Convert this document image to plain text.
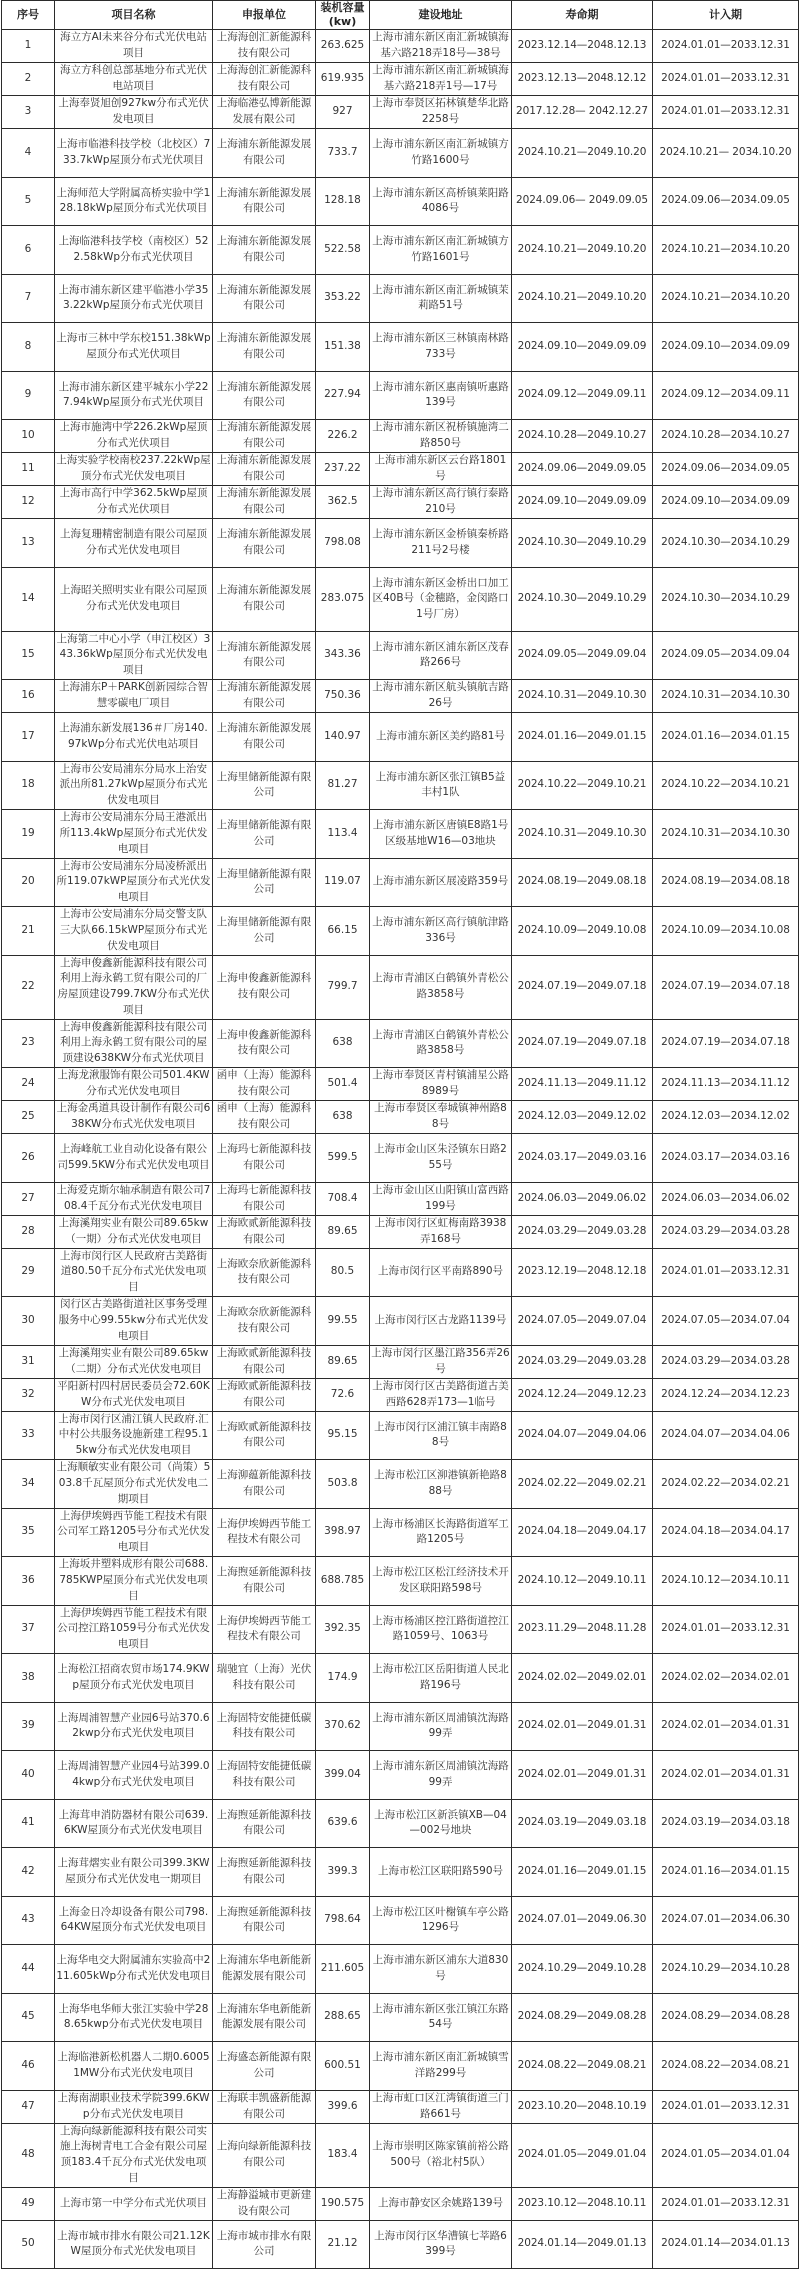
序号	项目名称	申报单位	装机容量(kw)	建设地址	寿命期	计入期
1	海立方AI未来谷分布式光伏电站项目	上海海创汇新能源科技有限公司	263.625	上海市浦东新区南汇新城镇海基六路218弄18号—38号	2023.12.14—2048.12.13	2024.01.01—2033.12.31
2	海立方科创总部基地分布式光伏电站项目	上海海创汇新能源科技有限公司	619.935	上海市浦东新区南汇新城镇海基六路218弄1号—17号	2023.12.13—2048.12.12	2024.01.01—2033.12.31
3	上海奉贤旭创927kw分布式光伏发电项目	上海临港弘博新能源发展有限公司	927	上海市奉贤区拓林镇楚华北路2258号	2017.12.28— 2042.12.27	2024.01.01—2033.12.31
4	上海市临港科技学校（北校区）733.7kWp屋顶分布式光伏项目	上海浦东新能源发展有限公司	733.7	上海市浦东新区南汇新城镇方竹路1600号	2024.10.21—2049.10.20	2024.10.21— 2034.10.20
5	上海师范大学附属高桥实验中学128.18kWp屋顶分布式光伏项目	上海浦东新能源发展有限公司	128.18	上海市浦东新区高桥镇莱阳路4086号	2024.09.06— 2049.09.05	2024.09.06—2034.09.05
6	上海临港科技学校（南校区）522.58kWp分布式光伏项目	上海浦东新能源发展有限公司	522.58	上海市浦东新区南汇新城镇方竹路1601号	2024.10.21—2049.10.20	2024.10.21—2034.10.20
7	上海市浦东新区建平临港小学353.22kWp屋顶分布式光伏项目	上海浦东新能源发展有限公司	353.22	上海市浦东新区南汇新城镇茉莉路51号	2024.10.21—2049.10.20	2024.10.21—2034.10.20
8	上海市三林中学东校151.38kWp屋顶分布式光伏项目	上海浦东新能源发展有限公司	151.38	上海市浦东新区三林镇南林路733号	2024.09.10—2049.09.09	2024.09.10—2034.09.09
9	上海市浦东新区建平城东小学227.94kWp屋顶分布式光伏项目	上海浦东新能源发展有限公司	227.94	上海市浦东新区惠南镇听惠路139号	2024.09.12—2049.09.11	2024.09.12—2034.09.11
10	上海市施湾中学226.2kWp屋顶分布式光伏项目	上海浦东新能源发展有限公司	226.2	上海市浦东新区祝桥镇施湾二路850号	2024.10.28—2049.10.27	2024.10.28—2034.10.27
11	上海实验学校南校237.22kWp屋顶分布式光伏发电项目	上海浦东新能源发展有限公司	237.22	上海市浦东新区云台路1801号	2024.09.06—2049.09.05	2024.09.06—2034.09.05
12	上海市高行中学362.5kWp屋顶分布式光伏项目	上海浦东新能源发展有限公司	362.5	上海市浦东新区高行镇行泰路210号	2024.09.10—2049.09.09	2024.09.10—2034.09.09
13	上海复珊精密制造有限公司屋顶分布式光伏发电项目	上海浦东新能源发展有限公司	798.08	上海市浦东新区金桥镇秦桥路211号2号楼	2024.10.30—2049.10.29	2024.10.30—2034.10.29
14	上海昭关照明实业有限公司屋顶分布式光伏发电项目	上海浦东新能源发展有限公司	283.075	上海市浦东新区金桥出口加工区40B号（金穗路，金闵路口1号厂房）	2024.10.30—2049.10.29	2024.10.30—2034.10.29
15	上海第二中心小学（申江校区）343.36kWp屋顶分布式光伏发电项目	上海浦东新能源发展有限公司	343.36	上海市浦东新区浦东新区茂春路266号	2024.09.05—2049.09.04	2024.09.05—2034.09.04
16	上海浦东P＋PARK创新园综合智慧零碳电厂项目	上海浦东新能源发展有限公司	750.36	上海市浦东新区航头镇航吉路26号	2024.10.31—2049.10.30	2024.10.31—2034.10.30
17	上海浦东新发展136＃厂房140.97kWp分布式光伏电站项目	上海浦东新能源发展有限公司	140.97	上海市浦东新区美约路81号	2024.01.16—2049.01.15	2024.01.16—2034.01.15
18	上海市公安局浦东分局水上治安派出所81.27kWp屋顶分布式光伏发电项目	上海里储新能源有限公司	81.27	上海市浦东新区张江镇B5益丰村1队	2024.10.22—2049.10.21	2024.10.22—2034.10.21
19	上海市公安局浦东分局王港派出所113.4kWp屋顶分布式光伏发电项目	上海里储新能源有限公司	113.4	上海市浦东新区唐镇E8路1号区级基地W16—03地块	2024.10.31—2049.10.30	2024.10.31—2034.10.30
20	上海市公安局浦东分局凌桥派出所119.07kWP屋顶分布式光伏发电项目	上海里储新能源有限公司	119.07	上海市浦东新区展凌路359号	2024.08.19—2049.08.18	2024.08.19—2034.08.18
21	上海市公安局浦东分局交警支队三大队66.15kWP屋顶分布式光伏发电项目	上海里储新能源有限公司	66.15	上海市浦东新区高行镇航津路336号	2024.10.09—2049.10.08	2024.10.09—2034.10.08
22	上海申俊鑫新能源科技有限公司利用上海永鹤工贸有限公司的厂房屋顶建设799.7KW分布式光伏项目	上海申俊鑫新能源科技有限公司	799.7	上海市青浦区白鹤镇外青松公路3858号	2024.07.19—2049.07.18	2024.07.19—2034.07.18
23	上海申俊鑫新能源科技有限公司利用上海永鹤工贸有限公司的屋顶建设638KW分布式光伏项目	上海申俊鑫新能源科技有限公司	638	上海市青浦区白鹤镇外青松公路3858号	2024.07.19—2049.07.18	2024.07.19—2034.07.18
24	上海龙湫服饰有限公司501.4KW分布式光伏发电项目	函申（上海）能源科技有限公司	501.4	上海市奉贤区青村镇浦星公路8989号	2024.11.13—2049.11.12	2024.11.13—2034.11.12
25	上海金禹道具设计制作有限公司638KW分布式光伏发电项目	函申（上海）能源科技有限公司	638	上海市奉贤区奉城镇神州路88号	2024.12.03—2049.12.02	2024.12.03—2034.12.02
26	上海峰航工业自动化设备有限公司599.5KW分布式光伏发电项目	上海玛七新能源科技有限公司	599.5	上海市金山区朱泾镇东日路255号	2024.03.17—2049.03.16	2024.03.17—2034.03.16
27	上海爱克斯尔轴承制造有限公司708.4千瓦分布式光伏发电项目	上海玛七新能源科技有限公司	708.4	上海市金山区山阳镇山富西路199号	2024.06.03—2049.06.02	2024.06.03—2034.06.02
28	上海溪翔实业有限公司89.65kw（一期）分布式光伏发电项目	上海欧贰新能源科技有限公司	89.65	上海市闵行区虹梅南路3938弄168号	2024.03.29—2049.03.28	2024.03.29—2034.03.28
29	上海市闵行区人民政府古美路街道80.50千瓦分布式光伏发电项目	上海欧奈欣新能源科技有限公司	80.5	上海市闵行区平南路890号	2023.12.19—2048.12.18	2024.01.01—2033.12.31
30	闵行区古美路街道社区事务受理服务中心99.55kw分布式光伏发电项目	上海欧奈欣新能源科技有限公司	99.55	上海市闵行区古龙路1139号	2024.07.05—2049.07.04	2024.07.05—2034.07.04
31	上海溪翔实业有限公司89.65kw（二期）分布式光伏发电项目	上海欧贰新能源科技有限公司	89.65	上海市闵行区墨江路356弄26号	2024.03.29—2049.03.28	2024.03.29—2034.03.28
32	平阳新村四村居民委员会72.60KW分布式光伏发电项目	上海欧贰新能源科技有限公司	72.6	上海市闵行区古美路街道古美西路628弄173—1临号	2024.12.24—2049.12.23	2024.12.24—2034.12.23
33	上海市闵行区浦江镇人民政府.汇中村公共服务设施新建工程95.15kw分布式光伏发电项目	上海欧贰新能源科技有限公司	95.15	上海市闵行区浦江镇丰南路88号	2024.04.07—2049.04.06	2024.04.07—2034.04.06
34	上海顺敏实业有限公司（尚策）503.8千瓦屋顶分布式光伏发电二期项目	上海泖蕴新能源科技有限公司	503.8	上海市松江区泖港镇新艳路888号	2024.02.22—2049.02.21	2024.02.22—2034.02.21
35	上海伊埃姆西节能工程技术有限公司军工路1205号分布式光伏发电项目	上海伊埃姆西节能工程技术有限公司	398.97	上海市杨浦区长海路街道军工路1205号	2024.04.18—2049.04.17	2024.04.18—2034.04.17
36	上海坂井塑料成形有限公司688.785KWP屋顶分布式光伏发电项目	上海煦延新能源科技有限公司	688.785	上海市松江区松江经济技术开发区联阳路598号	2024.10.12—2049.10.11	2024.10.12—2034.10.11
37	上海伊埃姆西节能工程技术有限公司控江路1059号分布式光伏发电项目	上海伊埃姆西节能工程技术有限公司	392.35	上海市杨浦区控江路街道控江路1059号、1063号	2023.11.29—2048.11.28	2024.01.01—2033.12.31
38	上海松江招商农贸市场174.9KWp屋顶分布式光伏发电项目	瑞驰宜（上海）光伏科技有限公司	174.9	上海市松江区岳阳街道人民北路196号	2024.02.02—2049.02.01	2024.02.02—2034.02.01
39	上海周浦智慧产业园6号站370.62kwp分布式光伏发电项目	上海固特安能捷低碳科技有限公司	370.62	上海市浦东新区周浦镇沈海路99弄	2024.02.01—2049.01.31	2024.02.01—2034.01.31
40	上海周浦智慧产业园4号站399.04kwp分布式光伏发电项目	上海固特安能捷低碳科技有限公司	399.04	上海市浦东新区周浦镇沈海路99弄	2024.02.01—2049.01.31	2024.02.01—2034.01.31
41	上海茸申消防器材有限公司639.6KW屋顶分布式光伏发电项目	上海煦延新能源科技有限公司	639.6	上海市松江区新浜镇XB—04—002号地块	2024.03.19—2049.03.18	2024.03.19—2034.03.18
42	上海茸熠实业有限公司399.3KW屋顶分布式光伏发电一期项目	上海煦延新能源科技有限公司	399.3	上海市松江区联阳路590号	2024.01.16—2049.01.15	2024.01.16—2034.01.15
43	上海金日冷却设备有限公司798.64KW屋顶分布式光伏发电项目	上海煦延新能源科技有限公司	798.64	上海市松江区叶榭镇车亭公路1296号	2024.07.01—2049.06.30	2024.07.01—2034.06.30
44	上海华电交大附属浦东实验高中211.605kWp分布式光伏发电项目	上海浦东华电新能新能源发展有限公司	211.605	上海市浦东新区浦东大道830号	2024.10.29—2049.10.28	2024.10.29—2034.10.28
45	上海华电华师大张江实验中学288.65kwp分布式光伏发电项目	上海浦东华电新能新能源发展有限公司	288.65	上海市浦东新区张江镇江东路54号	2024.08.29—2049.08.28	2024.08.29—2034.08.28
46	上海临港新松机器人二期0.60051MW分布式光伏发电项目	上海盛态新能源有限公司	600.51	上海市浦东新区南汇新城镇雪洋路299号	2024.08.22—2049.08.21	2024.08.22—2034.08.21
47	上海南湖职业技术学院399.6KWp分布式光伏发电项目	上海联丰凯盛新能源有限公司	399.6	上海市虹口区江湾镇街道三门路661号	2023.10.20—2048.10.19	2024.01.01—2033.12.31
48	上海向绿新能源科技有限公司实施上海树青电工合金有限公司屋顶183.4千瓦分布式光伏发电项目	上海向绿新能源科技有限公司	183.4	上海市崇明区陈家镇前裕公路500号（裕北村5队）	2024.01.05—2049.01.04	2024.01.05—2034.01.04
49	上海市第一中学分布式光伏项目	上海静溢城市更新建设有限公司	190.575	上海市静安区余姚路139号	2023.10.12—2048.10.11	2024.01.01—2033.12.31
50	上海市城市排水有限公司21.12KW屋顶分布式光伏发电项目	上海市城市排水有限公司	21.12	上海市闵行区华漕镇七莘路6399号	2024.01.14—2049.01.13	2024.01.14—2034.01.13
